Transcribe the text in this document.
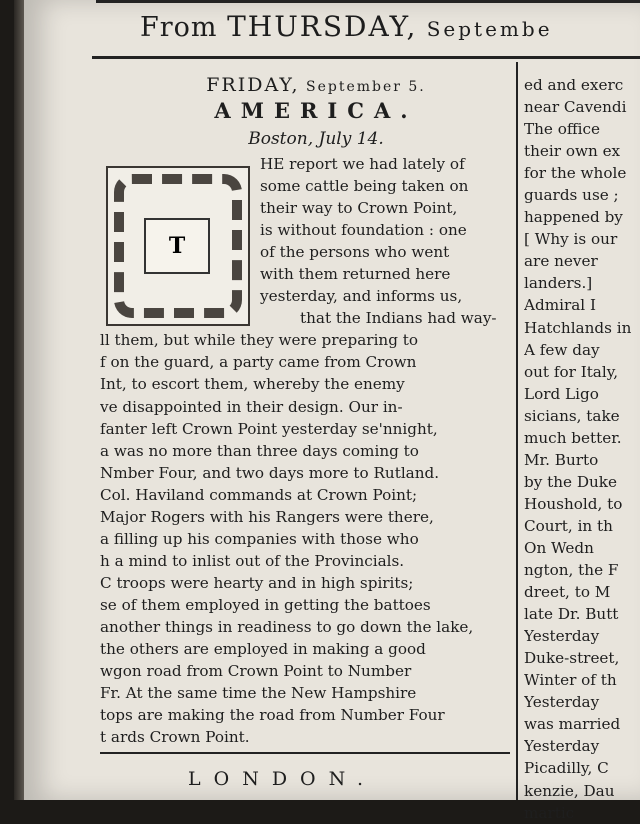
From THURSDAY, Septembe
FRIDAY, September 5.
AMERICA.
Boston, July 14.
HE report we had lately of
some cattle being taken on
their way to Crown Point,
is without foundation : one
of the persons who went
with them returned here
yesterday, and informs us,
that the Indians had way-
ll them, but while they were preparing to
f on the guard, a party came from Crown
Int, to escort them, whereby the enemy
ve disappointed in their design. Our in-
fanter left Crown Point yesterday se'nnight,
a was no more than three days coming to
Nmber Four, and two days more to Rutland.
Col. Haviland commands at Crown Point;
Major Rogers with his Rangers were there,
a filling up his companies with those who
h a mind to inlist out of the Provincials.
C troops were hearty and in high spirits;
se of them employed in getting the battoes
another things in readiness to go down the lake,
the others are employed in making a good
wgon road from Crown Point to Number
Fr. At the same time the New Hampshire
tops are making the road from Number Four
t ards Crown Point.
T
LONDON.
ed and exerc
near Cavendi
The office
their own ex
for the whole
guards use ;
happened by
[ Why is our
are never
landers.]
Admiral I
Hatchlands in
A few day
out for Italy,
Lord Ligo
sicians, take
much better.
Mr. Burto
by the Duke
Houshold, to
Court, in th
On Wedn
ngton, the F
dreet, to M
late Dr. Butt
Yesterday
Duke-street,
Winter of th
Yesterday
was married
Yesterday
Picadilly, C
kenzie, Dau
martic
